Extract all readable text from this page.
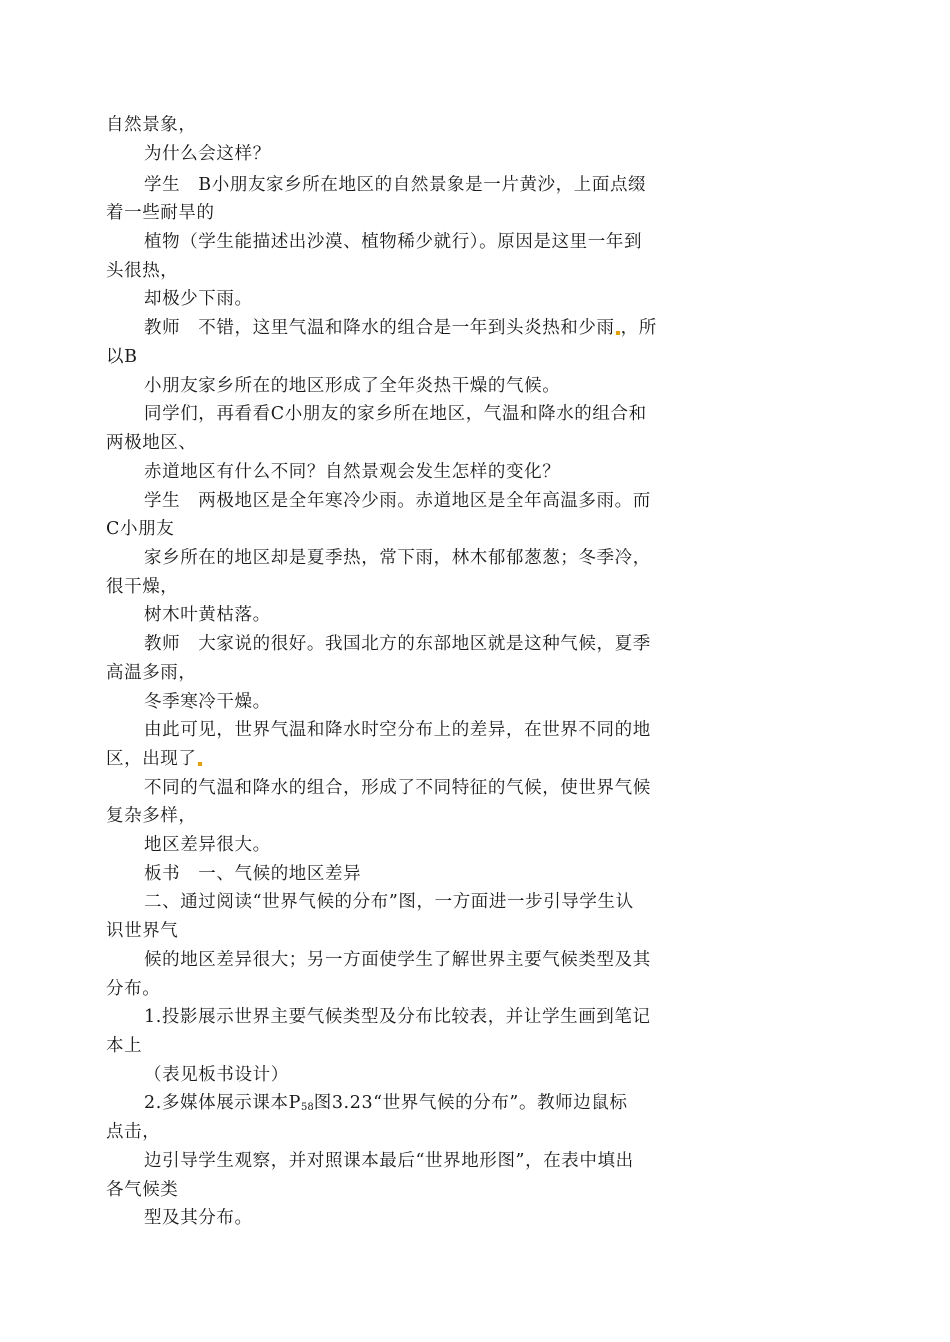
自然景象，
为什么会这样？
学生　B小朋友家乡所在地区的自然景象是一片黄沙，上面点缀
着一些耐旱的
植物（学生能描述出沙漠、植物稀少就行）。原因是这里一年到
头很热，
却极少下雨。
教师　不错，这里气温和降水的组合是一年到头炎热和少雨 ，所
以B
小朋友家乡所在的地区形成了全年炎热干燥的气候。
同学们，再看看C小朋友的家乡所在地区，气温和降水的组合和
两极地区、
赤道地区有什么不同？自然景观会发生怎样的变化？
学生　两极地区是全年寒冷少雨。赤道地区是全年高温多雨。而
C小朋友
家乡所在的地区却是夏季热，常下雨，林木郁郁葱葱；冬季冷，
很干燥，
树木叶黄枯落。
教师　大家说的很好。我国北方的东部地区就是这种气候，夏季
高温多雨，
冬季寒冷干燥。
由此可见，世界气温和降水时空分布上的差异，在世界不同的地
区，出现了
不同的气温和降水的组合，形成了不同特征的气候，使世界气候
复杂多样，
地区差异很大。
板书　一、气候的地区差异
二、通过阅读“世界气候的分布”图，一方面进一步引导学生认
识世界气
候的地区差异很大；另一方面使学生了解世界主要气候类型及其
分布。
1.投影展示世界主要气候类型及分布比较表，并让学生画到笔记
本上
（表见板书设计）
2.多媒体展示课本$P_{58}$图3.23“世界气候的分布”。教师边鼠标
点击，
边引导学生观察，并对照课本最后“世界地形图”，在表中填出
各气候类
型及其分布。
